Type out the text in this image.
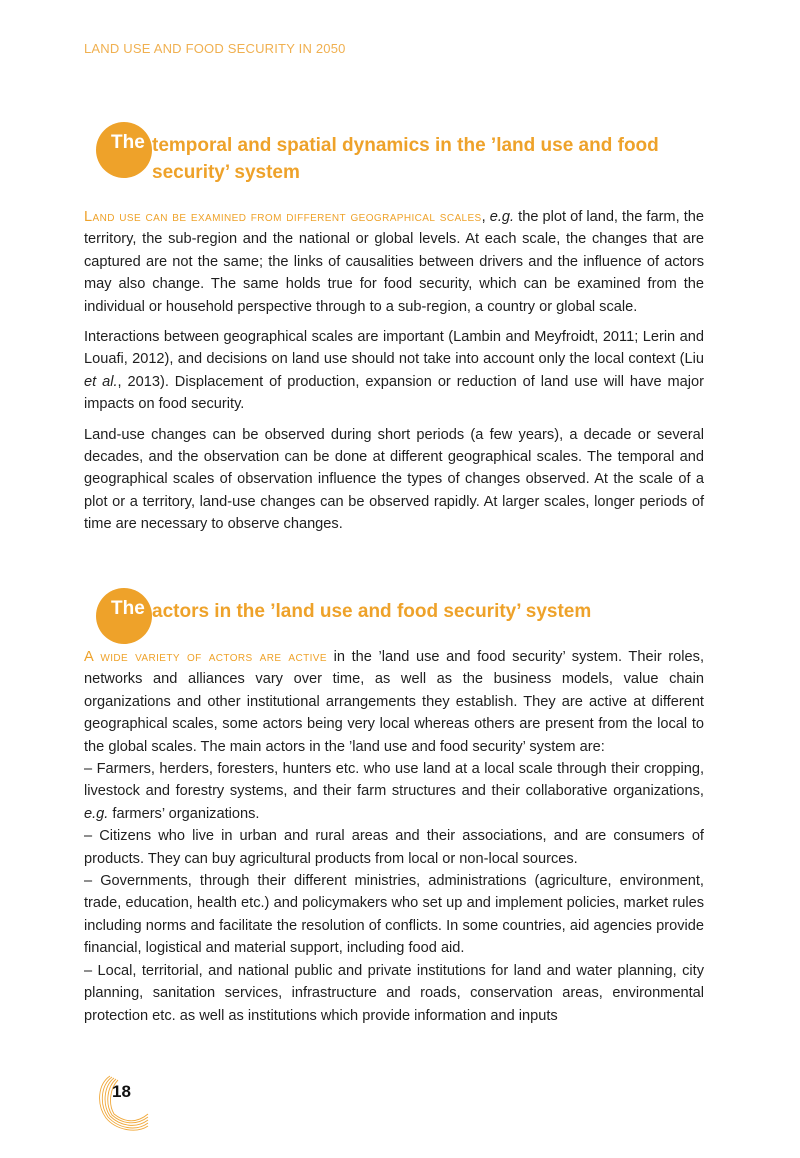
LAND USE AND FOOD SECURITY IN 2050
The temporal and spatial dynamics in the ’land use and food security’ system

Land use can be examined from different geographical scales, e.g. the plot of land, the farm, the territory, the sub-region and the national or global levels. At each scale, the changes that are captured are not the same; the links of causalities between drivers and the influence of actors may also change. The same holds true for food security, which can be examined from the individual or household perspective through to a sub-region, a country or global scale.

Interactions between geographical scales are important (Lambin and Meyfroidt, 2011; Lerin and Louafi, 2012), and decisions on land use should not take into account only the local context (Liu et al., 2013). Displacement of production, expansion or reduction of land use will have major impacts on food security.

Land-use changes can be observed during short periods (a few years), a decade or several decades, and the observation can be done at different geographical scales. The temporal and geographical scales of observation influence the types of changes observed. At the scale of a plot or a territory, land-use changes can be observed rapidly. At larger scales, longer periods of time are necessary to observe changes.

The actors in the ’land use and food security’ system

A wide variety of actors are active in the ’land use and food security’ system. Their roles, networks and alliances vary over time, as well as the business models, value chain organizations and other institutional arrangements they establish. They are active at different geographical scales, some actors being very local whereas others are present from the local to the global scales. The main actors in the ’land use and food security’ system are:

– Farmers, herders, foresters, hunters etc. who use land at a local scale through their cropping, livestock and forestry systems, and their farm structures and their collaborative organizations, e.g. farmers’ organizations.

– Citizens who live in urban and rural areas and their associations, and are consumers of products. They can buy agricultural products from local or non-local sources.

– Governments, through their different ministries, administrations (agriculture, environment, trade, education, health etc.) and policymakers who set up and implement policies, market rules including norms and facilitate the resolution of conflicts. In some countries, aid agencies provide financial, logistical and material support, including food aid.

– Local, territorial, and national public and private institutions for land and water planning, city planning, sanitation services, infrastructure and roads, conservation areas, environmental protection etc. as well as institutions which provide information and inputs

18
